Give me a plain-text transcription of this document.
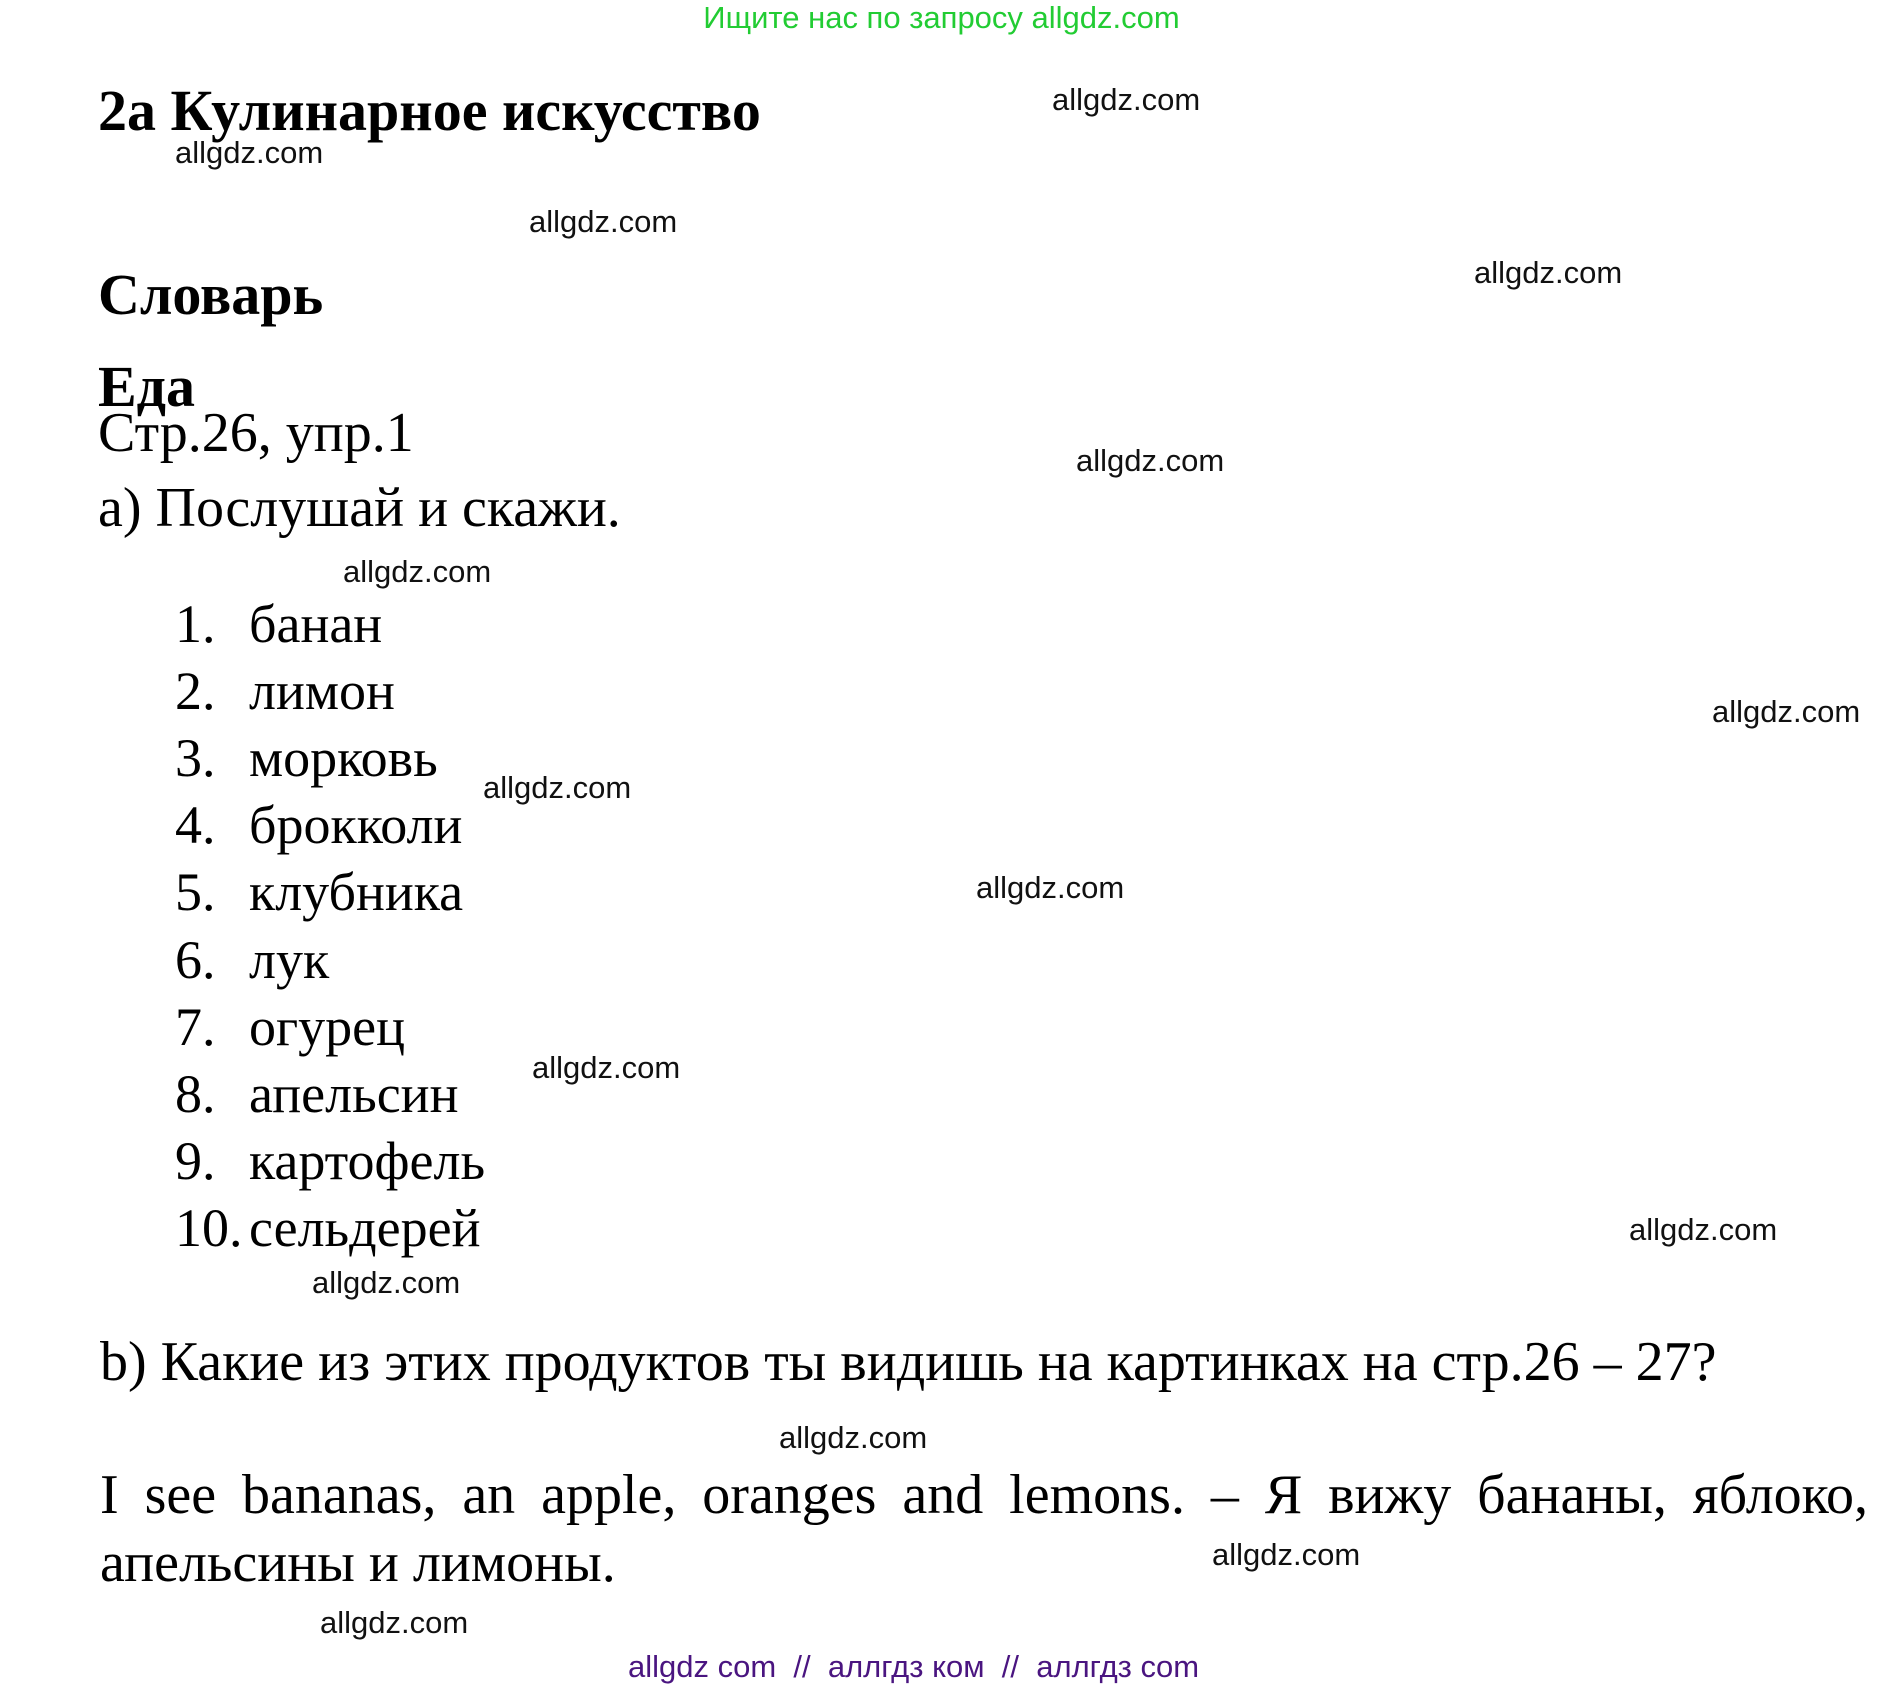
Ищите нас по запросу allgdz.com
2a Кулинарное искусство
Словарь
Еда
Стр.26, упр.1
а) Послушай и скажи.
1. банан
2. лимон
3. морковь
4. брокколи
5. клубника
6. лук
7. огурец
8. апельсин
9. картофель
10. сельдерей
b) Какие из этих продуктов ты видишь на картинках на стр.26 – 27?
I see bananas, an apple, oranges and lemons. – Я вижу бананы, яблоко,
апельсины и лимоны.
allgdz.com
allgdz.com
allgdz.com
allgdz.com
allgdz.com
allgdz.com
allgdz.com
allgdz.com
allgdz.com
allgdz.com
allgdz.com
allgdz.com
allgdz.com
allgdz.com
allgdz.com
allgdz com  //  аллгдз ком  //  аллгдз com
